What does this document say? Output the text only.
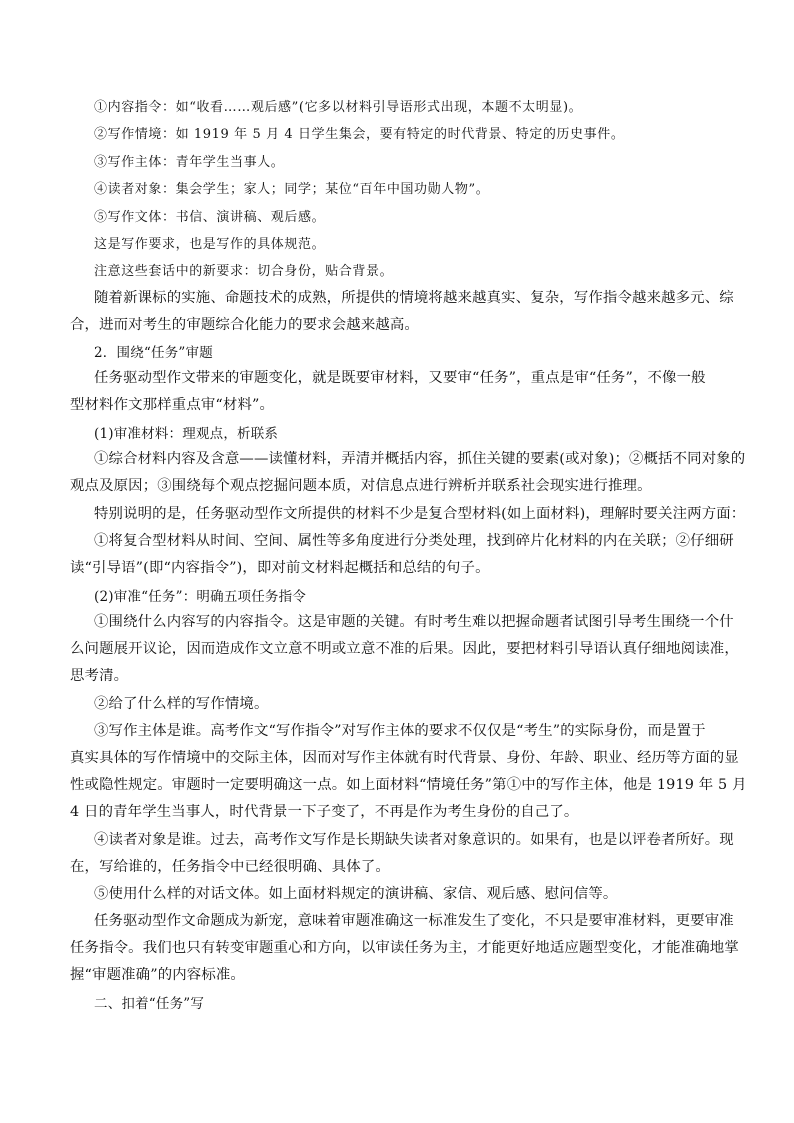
①内容指令：如“收看……观后感”(它多以材料引导语形式出现，本题不太明显)。
②写作情境：如 1919 年 5 月 4 日学生集会，要有特定的时代背景、特定的历史事件。
③写作主体：青年学生当事人。
④读者对象：集会学生；家人；同学；某位“百年中国功勋人物”。
⑤写作文体：书信、演讲稿、观后感。
这是写作要求，也是写作的具体规范。
注意这些套话中的新要求：切合身份，贴合背景。
随着新课标的实施、命题技术的成熟，所提供的情境将越来越真实、复杂，写作指令越来越多元、综
合，进而对考生的审题综合化能力的要求会越来越高。
2．围绕“任务”审题
任务驱动型作文带来的审题变化，就是既要审材料，又要审“任务”，重点是审“任务”，不像一般
型材料作文那样重点审“材料”。
(1)审准材料：理观点，析联系
①综合材料内容及含意——读懂材料，弄清并概括内容，抓住关键的要素(或对象)；②概括不同对象的
观点及原因；③围绕每个观点挖掘问题本质，对信息点进行辨析并联系社会现实进行推理。
特别说明的是，任务驱动型作文所提供的材料不少是复合型材料(如上面材料)，理解时要关注两方面：
①将复合型材料从时间、空间、属性等多角度进行分类处理，找到碎片化材料的内在关联；②仔细研
读“引导语”(即“内容指令”)，即对前文材料起概括和总结的句子。
(2)审准“任务”：明确五项任务指令
①围绕什么内容写的内容指令。这是审题的关键。有时考生难以把握命题者试图引导考生围绕一个什
么问题展开议论，因而造成作文立意不明或立意不准的后果。因此，要把材料引导语认真仔细地阅读准，
思考清。
②给了什么样的写作情境。
③写作主体是谁。高考作文“写作指令”对写作主体的要求不仅仅是“考生”的实际身份，而是置于
真实具体的写作情境中的交际主体，因而对写作主体就有时代背景、身份、年龄、职业、经历等方面的显
性或隐性规定。审题时一定要明确这一点。如上面材料“情境任务”第①中的写作主体，他是 1919 年 5 月
4 日的青年学生当事人，时代背景一下子变了，不再是作为考生身份的自己了。
④读者对象是谁。过去，高考作文写作是长期缺失读者对象意识的。如果有，也是以评卷者所好。现
在，写给谁的，任务指令中已经很明确、具体了。
⑤使用什么样的对话文体。如上面材料规定的演讲稿、家信、观后感、慰问信等。
任务驱动型作文命题成为新宠，意味着审题准确这一标准发生了变化，不只是要审准材料，更要审准
任务指令。我们也只有转变审题重心和方向，以审读任务为主，才能更好地适应题型变化，才能准确地掌
握“审题准确”的内容标准。
二、扣着“任务”写
